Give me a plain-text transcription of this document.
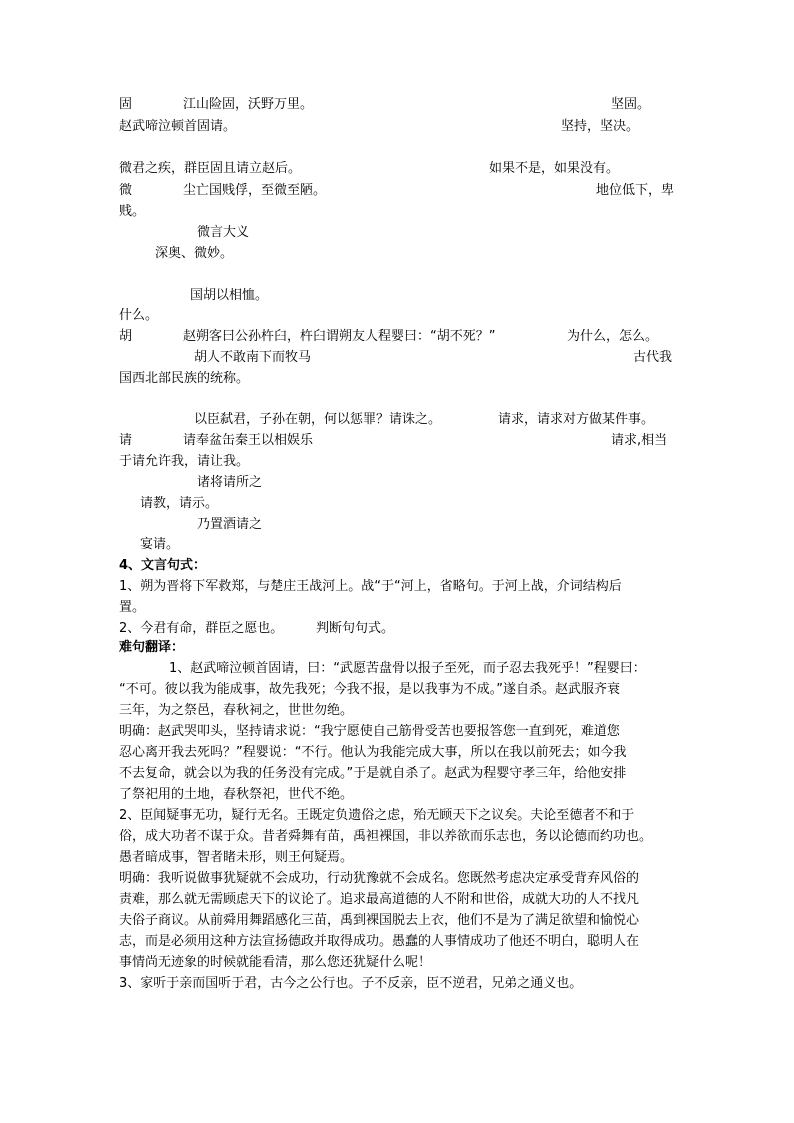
固	江山险固，沃野万里。	坚固。
赵武啼泣顿首固请。	坚持，坚决。
微君之疾，群臣固且请立赵后。	如果不是，如果没有。
微	尘亡国贱俘，至微至陋。	地位低下，卑
贱。
微言大义
深奥、微妙。
国胡以相恤。
什么。
胡	赵朔客曰公孙杵臼，杵臼谓朔友人程婴曰：“胡不死？”	为什么，怎么。
胡人不敢南下而牧马	古代我
国西北部民族的统称。
以臣弑君，子孙在朝，何以惩罪？请诛之。	请求，请求对方做某件事。
请	请奉盆缶秦王以相娱乐	请求,相当
于请允许我，请让我。
诸将请所之
请教，请示。
乃置酒请之
宴请。
4、文言句式：
1、朔为晋将下军救郑，与楚庄王战河上。战“于“河上，省略句。于河上战，介词结构后
置。
2、今君有命，群臣之愿也。	判断句句式。
难句翻译：
1、赵武啼泣顿首固请，曰：“武愿苦盘骨以报子至死，而子忍去我死乎！”程婴曰：
“不可。彼以我为能成事，故先我死；今我不报，是以我事为不成。”遂自杀。赵武服齐衰
三年，为之祭邑，春秋祠之，世世勿绝。
明确：赵武哭叩头，坚持请求说：“我宁愿使自己筋骨受苦也要报答您一直到死，难道您
忍心离开我去死吗？”程婴说：“不行。他认为我能完成大事，所以在我以前死去；如今我
不去复命，就会以为我的任务没有完成。”于是就自杀了。赵武为程婴守孝三年，给他安排
了祭祀用的土地，春秋祭祀，世代不绝。
2、臣闻疑事无功，疑行无名。王既定负遗俗之虑，殆无顾天下之议矣。夫论至德者不和于
俗，成大功者不谋于众。昔者舜舞有苗，禹袒裸国，非以养欲而乐志也，务以论德而约功也。
愚者暗成事，智者睹未形，则王何疑焉。
明确：我听说做事犹疑就不会成功，行动犹豫就不会成名。您既然考虑决定承受背弃风俗的
责难，那么就无需顾虑天下的议论了。追求最高道德的人不附和世俗，成就大功的人不找凡
夫俗子商议。从前舜用舞蹈感化三苗，禹到裸国脱去上衣，他们不是为了满足欲望和愉悦心
志，而是必须用这种方法宣扬德政并取得成功。愚蠢的人事情成功了他还不明白，聪明人在
事情尚无迹象的时候就能看清，那么您还犹疑什么呢！
3、家听于亲而国听于君，古今之公行也。子不反亲，臣不逆君，兄弟之通义也。
